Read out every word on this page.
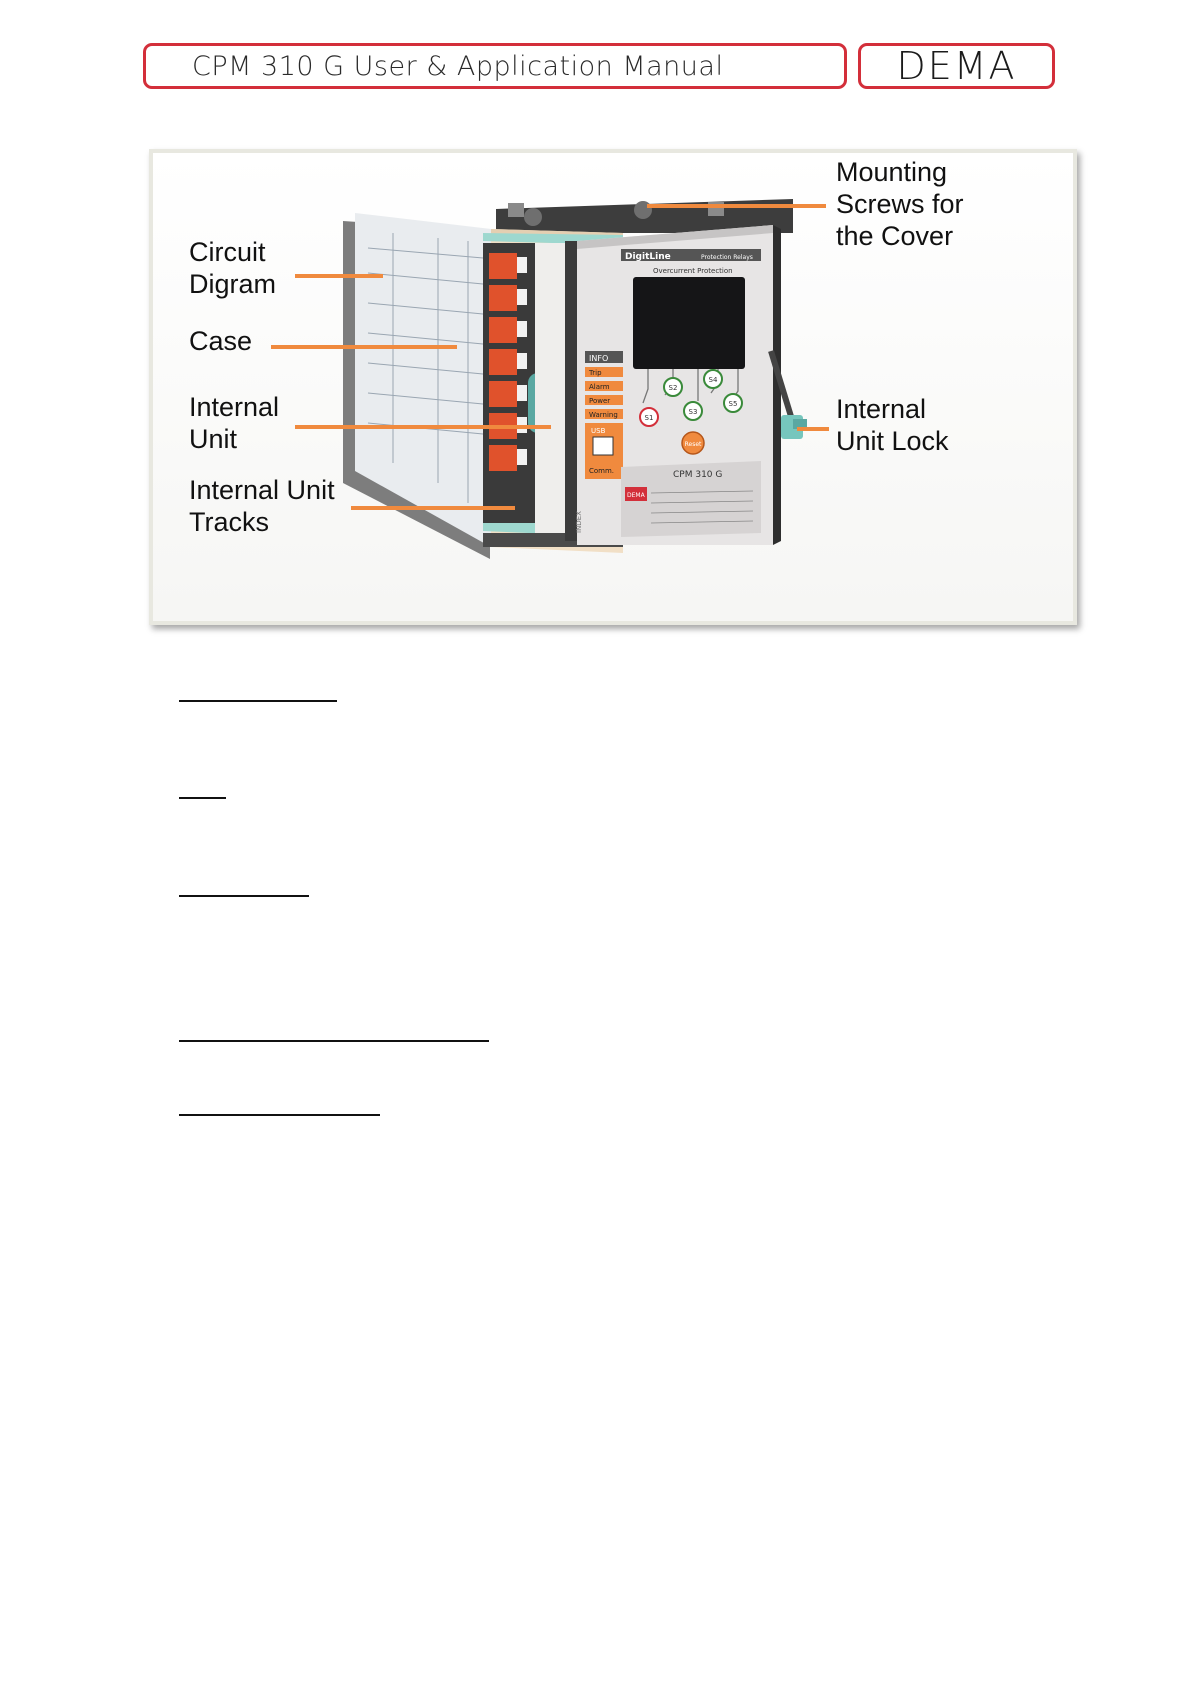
CPM 310 G User & Application Manual	DEMA
DigitLine	Protection Relays
Overcurrent Protection
S1
S2
S3
S4
S5
Reset
INFO
Trip
Alarm
Power
Warning
USB
Comm.
DEMA
CPM 310 G
INDEX
Circuit
Digram
Case
Internal
Unit
Internal Unit
Tracks
Mounting
Screws for
the Cover
Internal
Unit Lock
